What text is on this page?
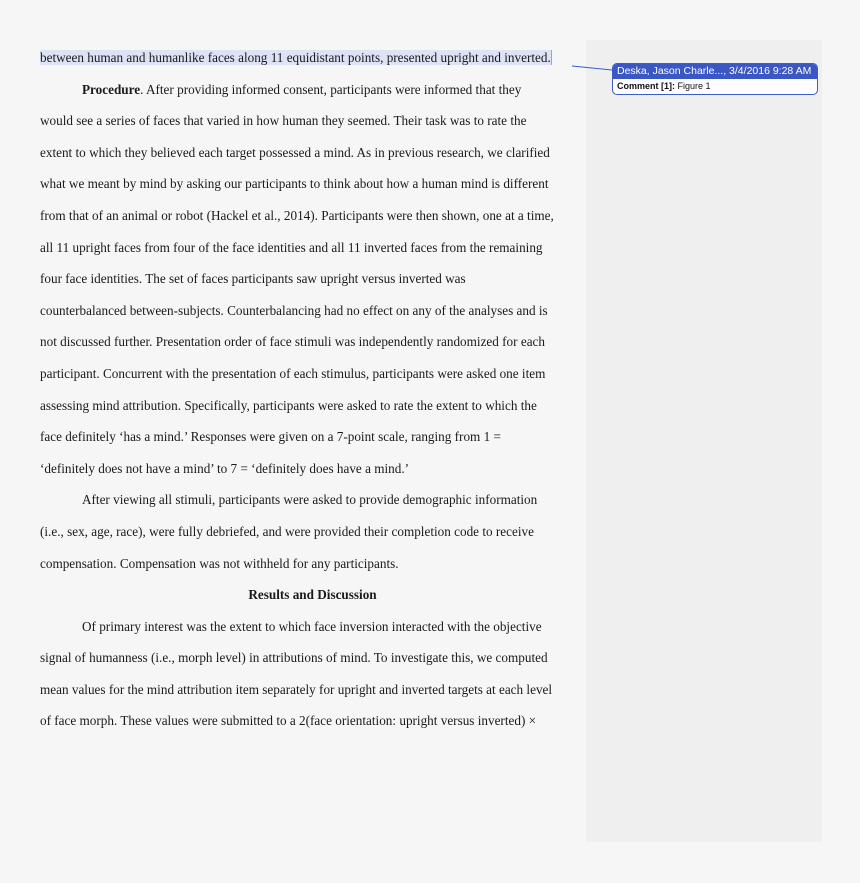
between human and humanlike faces along 11 equidistant points, presented upright and inverted.
Procedure. After providing informed consent, participants were informed that they
would see a series of faces that varied in how human they seemed. Their task was to rate the
extent to which they believed each target possessed a mind. As in previous research, we clarified
what we meant by mind by asking our participants to think about how a human mind is different
from that of an animal or robot (Hackel et al., 2014). Participants were then shown, one at a time,
all 11 upright faces from four of the face identities and all 11 inverted faces from the remaining
four face identities. The set of faces participants saw upright versus inverted was
counterbalanced between-subjects. Counterbalancing had no effect on any of the analyses and is
not discussed further. Presentation order of face stimuli was independently randomized for each
participant. Concurrent with the presentation of each stimulus, participants were asked one item
assessing mind attribution. Specifically, participants were asked to rate the extent to which the
face definitely ‘has a mind.’ Responses were given on a 7-point scale, ranging from 1 =
‘definitely does not have a mind’ to 7 = ‘definitely does have a mind.’
After viewing all stimuli, participants were asked to provide demographic information
(i.e., sex, age, race), were fully debriefed, and were provided their completion code to receive
compensation. Compensation was not withheld for any participants.
Results and Discussion
Of primary interest was the extent to which face inversion interacted with the objective
signal of humanness (i.e., morph level) in attributions of mind. To investigate this, we computed
mean values for the mind attribution item separately for upright and inverted targets at each level
of face morph. These values were submitted to a 2(face orientation: upright versus inverted) ×
Deska, Jason Charle..., 3/4/2016 9:28 AM
Comment [1]: Figure 1
